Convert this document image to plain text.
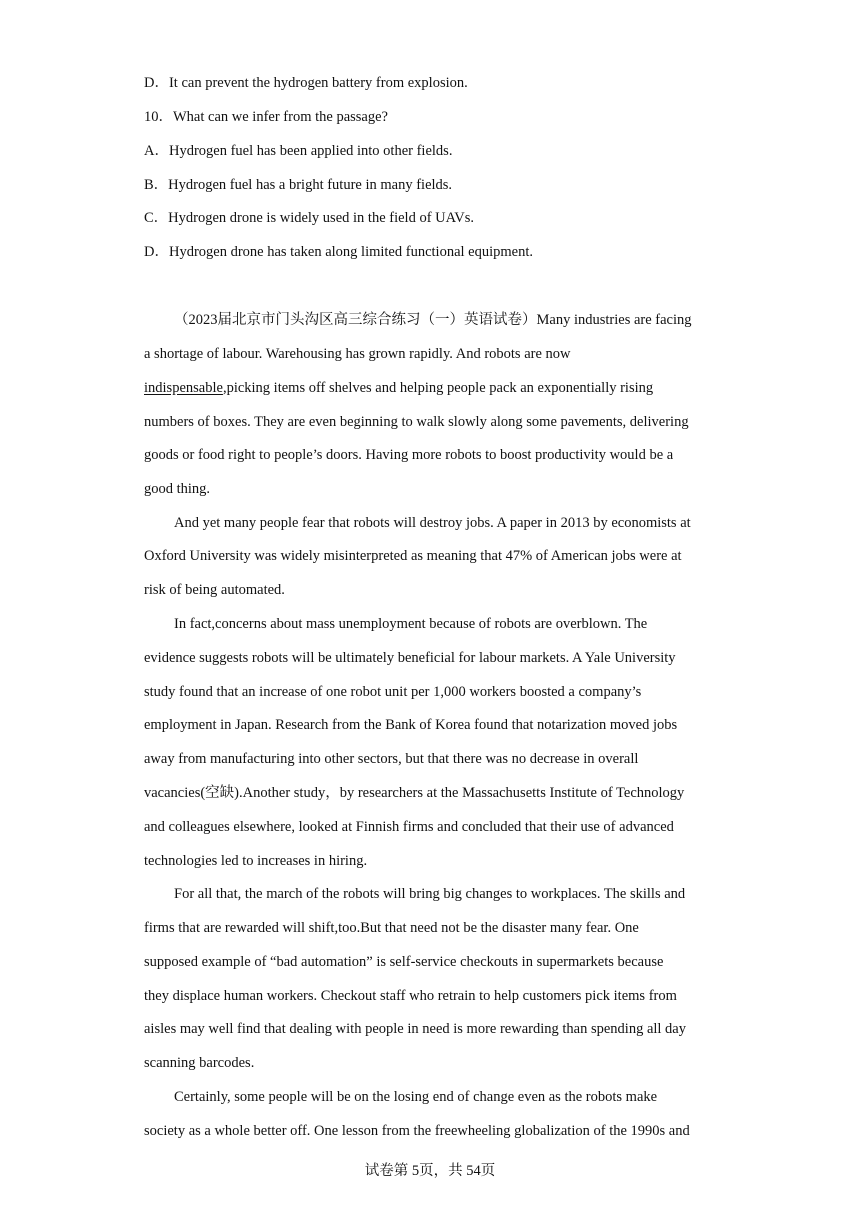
D．It can prevent the hydrogen battery from explosion.
10．What can we infer from the passage?
A．Hydrogen fuel has been applied into other fields.
B．Hydrogen fuel has a bright future in many fields.
C．Hydrogen drone is widely used in the field of UAVs.
D．Hydrogen drone has taken along limited functional equipment.
（2023届北京市门头沟区高三综合练习（一）英语试卷）Many industries are facing
a shortage of labour. Warehousing has grown rapidly. And robots are now
indispensable,picking items off shelves and helping people pack an exponentially rising
numbers of boxes. They are even beginning to walk slowly along some pavements, delivering
goods or food right to people’s doors. Having more robots to boost productivity would be a
good thing.
And yet many people fear that robots will destroy jobs. A paper in 2013 by economists at
Oxford University was widely misinterpreted as meaning that 47% of American jobs were at
risk of being automated.
In fact,concerns about mass unemployment because of robots are overblown. The
evidence suggests robots will be ultimately beneficial for labour markets. A Yale University
study found that an increase of one robot unit per 1,000 workers boosted a company’s
employment in Japan. Research from the Bank of Korea found that notarization moved jobs
away from manufacturing into other sectors, but that there was no decrease in overall
vacancies(空缺).Another study，by researchers at the Massachusetts Institute of Technology
and colleagues elsewhere, looked at Finnish firms and concluded that their use of advanced
technologies led to increases in hiring.
For all that, the march of the robots will bring big changes to workplaces. The skills and
firms that are rewarded will shift,too.But that need not be the disaster many fear. One
supposed example of “bad automation” is self-service checkouts in supermarkets because
they displace human workers. Checkout staff who retrain to help customers pick items from
aisles may well find that dealing with people in need is more rewarding than spending all day
scanning barcodes.
Certainly, some people will be on the losing end of change even as the robots make
society as a whole better off. One lesson from the freewheeling globalization of the 1990s and
试卷第 5页，共 54页
